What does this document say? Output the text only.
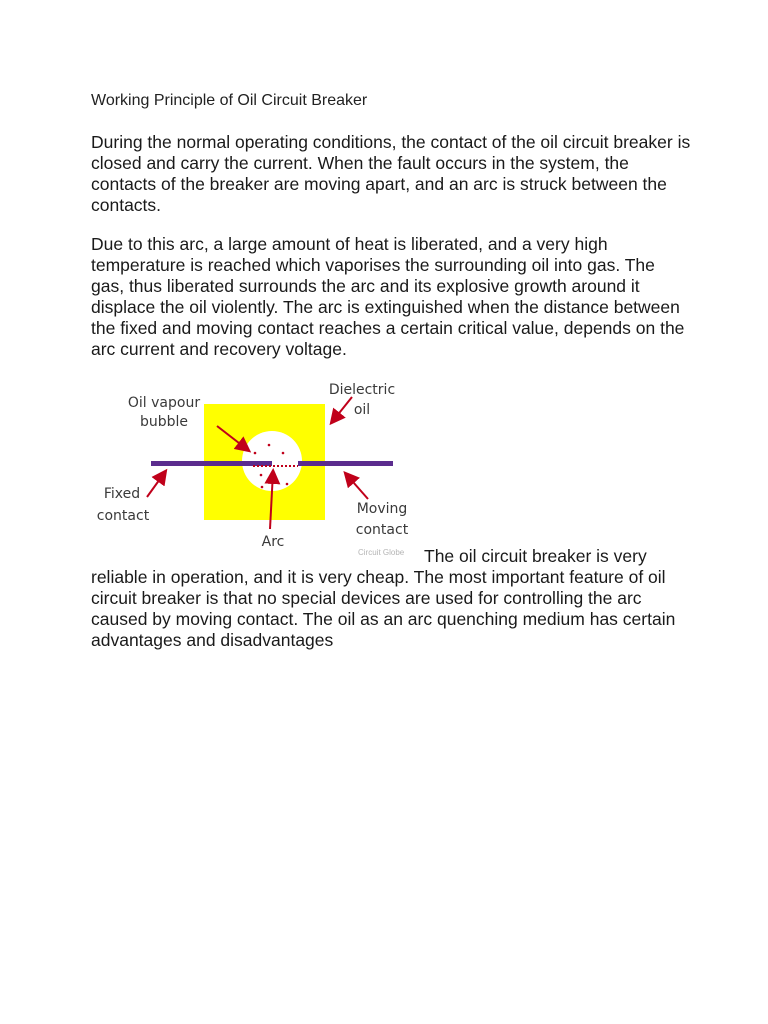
Working Principle of Oil Circuit Breaker
During the normal operating conditions, the contact of the oil circuit breaker is closed and carry the current. When the fault occurs in the system, the contacts of the breaker are moving apart, and an arc is struck between the contacts.
Due to this arc, a large amount of heat is liberated, and a very high temperature is reached which vaporises the surrounding oil into gas. The gas, thus liberated surrounds the arc and its explosive growth around it displace the oil violently. The arc is extinguished when the distance between the fixed and moving contact reaches a certain critical value, depends on the arc current and recovery voltage.
Oil vapour
bubble
Dielectric
oil
Fixed
contact	Moving
contact
Arc
Circuit Globe The oil circuit breaker is very
reliable in operation, and it is very cheap. The most important feature of oil circuit breaker is that no special devices are used for controlling the arc caused by moving contact. The oil as an arc quenching medium has certain advantages and disadvantages
